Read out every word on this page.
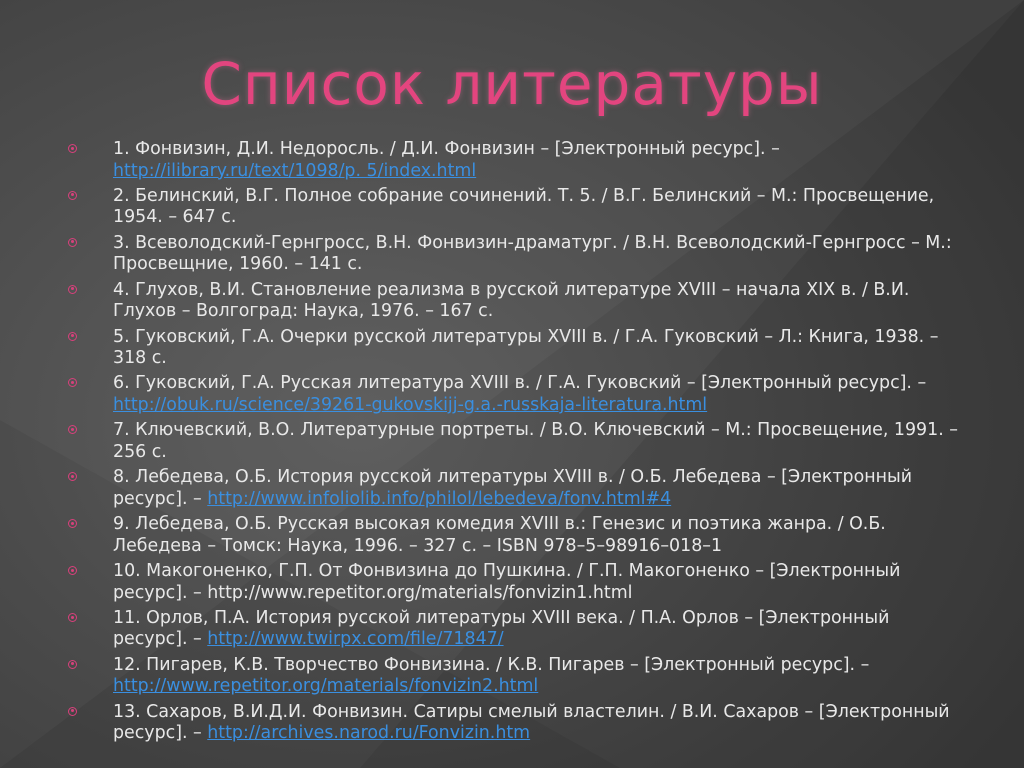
Список литературы
1. Фонвизин, Д.И. Недоросль. / Д.И. Фонвизин – [Электронный ресурс]. – http://ilibrary.ru/text/1098/p. 5/index.html
2. Белинский, В.Г. Полное собрание сочинений. Т. 5. / В.Г. Белинский – М.: Просвещение, 1954. – 647 с.
3. Всеволодский-Гернгросс, В.Н. Фонвизин-драматург. / В.Н. Всеволодский-Гернгросс – М.: Просвещние, 1960. – 141 с.
4. Глухов, В.И. Становление реализма в русской литературе XVIII – начала XIX в. / В.И. Глухов – Волгоград: Наука, 1976. – 167 с.
5. Гуковский, Г.А. Очерки русской литературы XVIII в. / Г.А. Гуковский – Л.: Книга, 1938. – 318 с.
6. Гуковский, Г.А. Русская литература XVIII в. / Г.А. Гуковский – [Электронный ресурс]. – http://obuk.ru/science/39261-gukovskijj-g.a.-russkaja-literatura.html
7. Ключевский, В.О. Литературные портреты. / В.О. Ключевский – М.: Просвещение, 1991. – 256 с.
8. Лебедева, О.Б. История русской литературы XVIII в. / О.Б. Лебедева – [Электронный ресурс]. – http://www.infoliolib.info/philol/lebedeva/fonv.html#4
9. Лебедева, О.Б. Русская высокая комедия XVIII в.: Генезис и поэтика жанра. / О.Б. Лебедева – Томск: Наука, 1996. – 327 с. – ISBN 978–5–98916–018–1
10. Макогоненко, Г.П. От Фонвизина до Пушкина. / Г.П. Макогоненко – [Электронный ресурс]. – http://www.repetitor.org/materials/fonvizin1.html
11. Орлов, П.А. История русской литературы XVIII века. / П.А. Орлов – [Электронный ресурс]. – http://www.twirpx.com/file/71847/
12. Пигарев, К.В. Творчество Фонвизина. / К.В. Пигарев – [Электронный ресурс]. – http://www.repetitor.org/materials/fonvizin2.html
13. Сахаров, В.И.Д.И. Фонвизин. Сатиры смелый властелин. / В.И. Сахаров – [Электронный ресурс]. – http://archives.narod.ru/Fonvizin.htm
